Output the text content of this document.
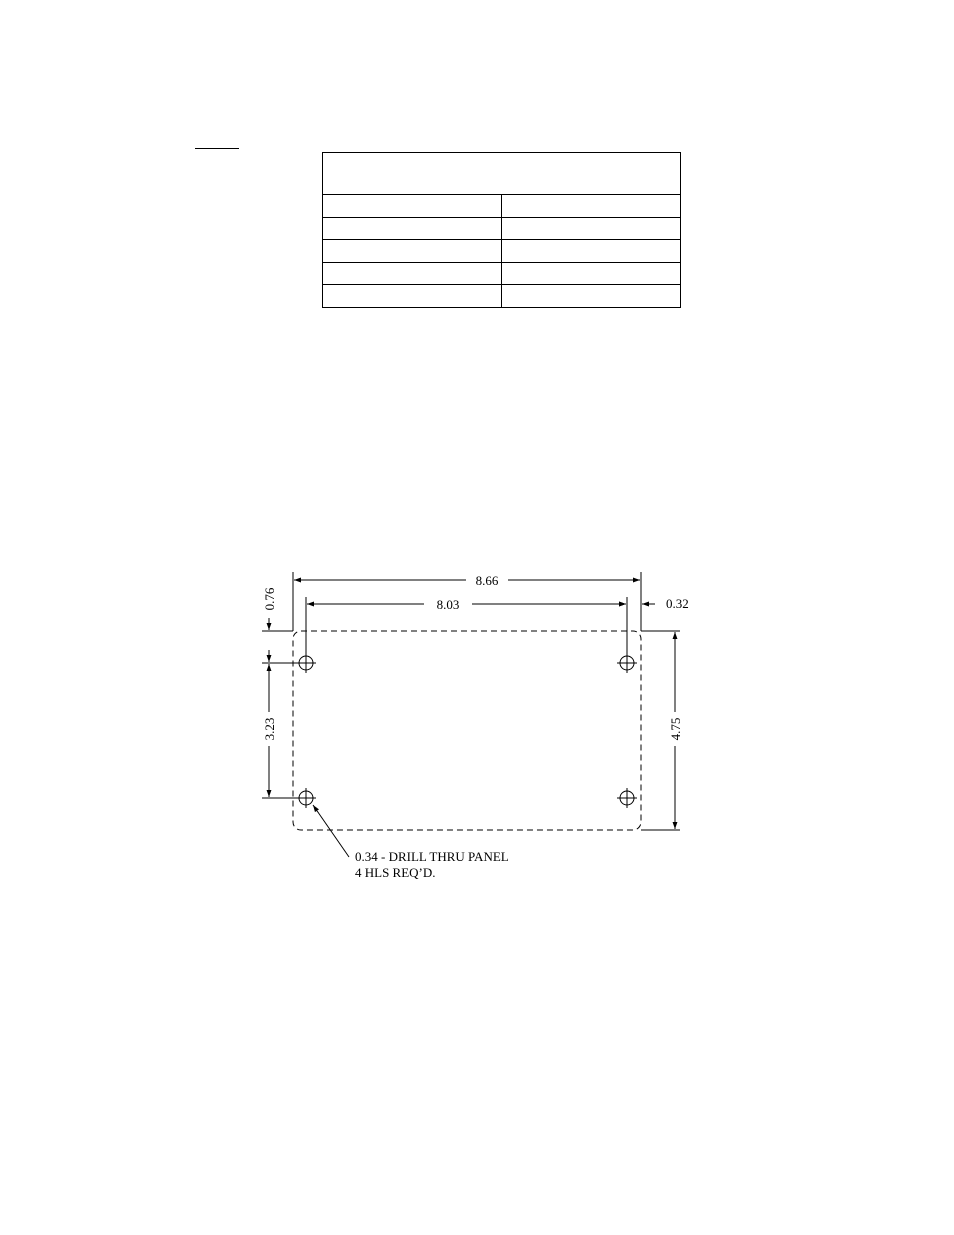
8.66
8.03	0.32
0.76
3.23	4.75
0.34 - DRILL THRU PANEL
4 HLS REQ’D.
